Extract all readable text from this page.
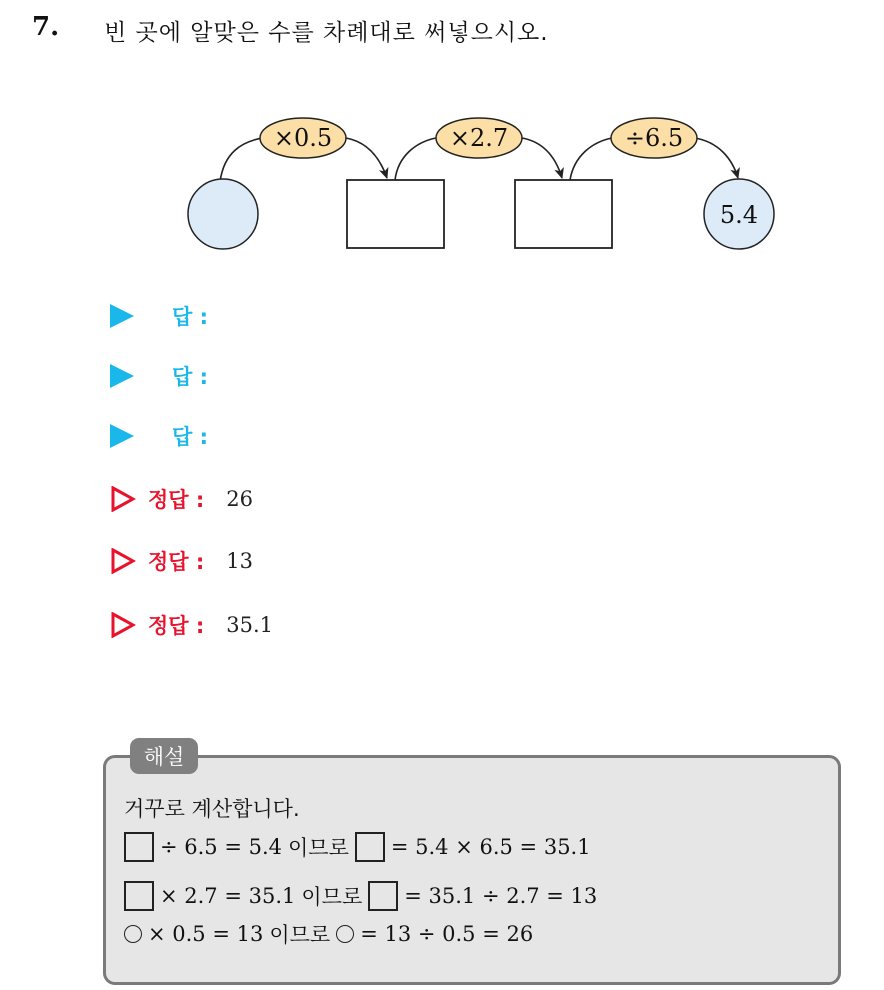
7. 빈 곳에 알맞은 수를 차례대로 써넣으시오.
×0.5	×2.7	÷6.5
5.4
답 :
답 :
답 :
정답 : 26
정답 : 13
정답 : 35.1
해설
거꾸로 계산합니다.
÷ 6.5 = 5.4 이므로 = 5.4 × 6.5 = 35.1
× 2.7 = 35.1 이므로 = 35.1 ÷ 2.7 = 13
× 0.5 = 13 이므로 = 13 ÷ 0.5 = 26
